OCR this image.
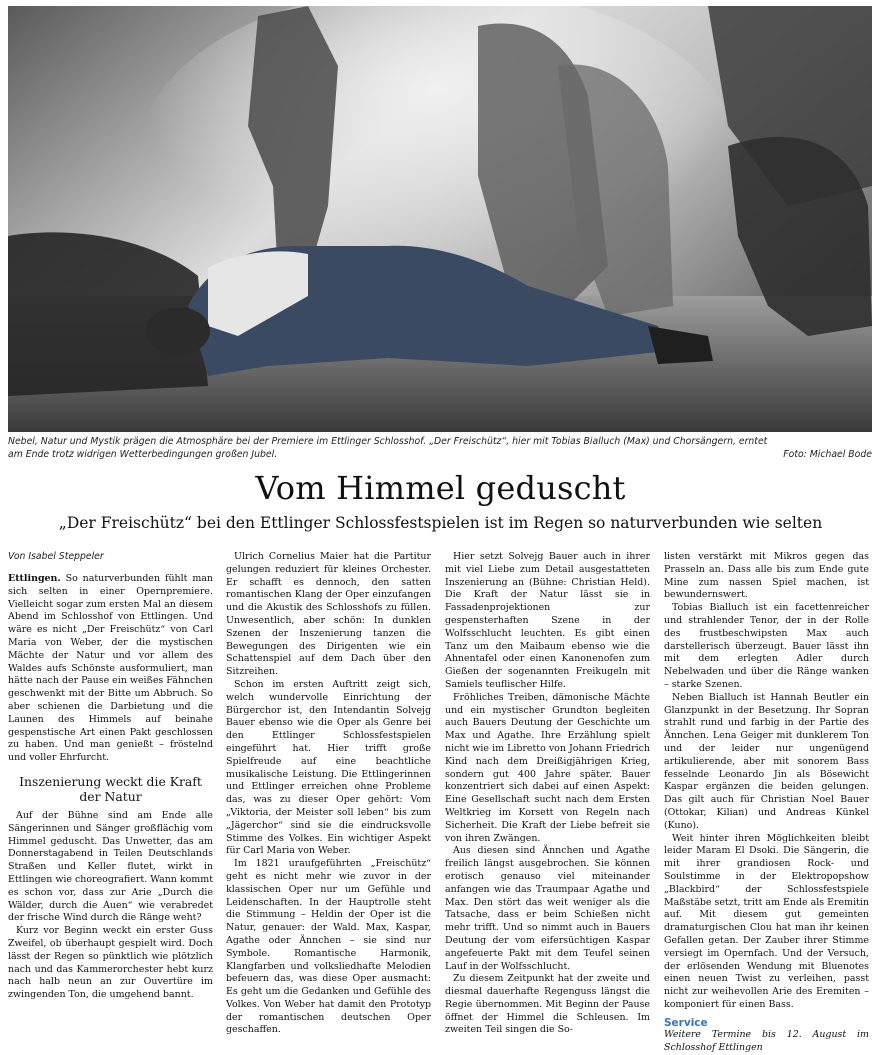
Nebel, Natur und Mystik prägen die Atmosphäre bei der Premiere im Ettlinger Schlosshof. „Der Freischütz“, hier mit Tobias Bialluch (Max) und Chorsängern, erntet am Ende trotz widrigen Wetterbedingungen großen Jubel.	Foto: Michael Bode
Vom Himmel geduscht
„Der Freischütz“ bei den Ettlinger Schlossfestspielen ist im Regen so naturverbunden wie selten
Von Isabel Steppeler

Ettlingen. So naturverbunden fühlt man sich selten in einer Opernpremiere. Vielleicht sogar zum ersten Mal an diesem Abend im Schlosshof von Ettlingen. Und wäre es nicht „Der Freischütz“ von Carl Maria von Weber, der die mystischen Mächte der Natur und vor allem des Waldes aufs Schönste ausformuliert, man hätte nach der Pause ein weißes Fähnchen geschwenkt mit der Bitte um Abbruch. So aber schienen die Darbietung und die Launen des Himmels auf beinahe gespenstische Art einen Pakt geschlossen zu haben. Und man genießt – fröstelnd und voller Ehrfurcht.

Inszenierung weckt die Kraft der Natur

Auf der Bühne sind am Ende alle Sängerinnen und Sänger großflächig vom Himmel geduscht. Das Unwetter, das am Donnerstagabend in Teilen Deutschlands Straßen und Keller flutet, wirkt in Ettlingen wie choreografiert. Wann kommt es schon vor, dass zur Arie „Durch die Wälder, durch die Auen“ wie verabredet der frische Wind durch die Ränge weht?

Kurz vor Beginn weckt ein erster Guss Zweifel, ob überhaupt gespielt wird. Doch lässt der Regen so pünktlich wie plötzlich nach und das Kammerorchester hebt kurz nach halb neun an zur Ouvertüre im zwingenden Ton, die umgehend bannt.

Ulrich Cornelius Maier hat die Partitur gelungen reduziert für kleines Orchester. Er schafft es dennoch, den satten romantischen Klang der Oper einzufangen und die Akustik des Schlosshofs zu füllen. Unwesentlich, aber schön: In dunklen Szenen der Inszenierung tanzen die Bewegungen des Dirigenten wie ein Schattenspiel auf dem Dach über den Sitzreihen.

Schon im ersten Auftritt zeigt sich, welch wundervolle Einrichtung der Bürgerchor ist, den Intendantin Solvejg Bauer ebenso wie die Oper als Genre bei den Ettlinger Schlossfestspielen eingeführt hat. Hier trifft große Spielfreude auf eine beachtliche musikalische Leistung. Die Ettlingerinnen und Ettlinger erreichen ohne Probleme das, was zu dieser Oper gehört: Vom „Viktoria, der Meister soll leben“ bis zum „Jägerchor“ sind sie die eindrucksvolle Stimme des Volkes. Ein wichtiger Aspekt für Carl Maria von Weber.

Im 1821 uraufgeführten „Freischütz“ geht es nicht mehr wie zuvor in der klassischen Oper nur um Gefühle und Leidenschaften. In der Hauptrolle steht die Stimmung – Heldin der Oper ist die Natur, genauer: der Wald. Max, Kaspar, Agathe oder Ännchen – sie sind nur Symbole. Romantische Harmonik, Klangfarben und volksliedhafte Melodien befeuern das, was diese Oper ausmacht: Es geht um die Gedanken und Gefühle des Volkes. Von Weber hat damit den Prototyp der romantischen deutschen Oper geschaffen.

Hier setzt Solvejg Bauer auch in ihrer mit viel Liebe zum Detail ausgestatteten Inszenierung an (Bühne: Christian Held). Die Kraft der Natur lässt sie in Fassadenprojektionen zur gespensterhaften Szene in der Wolfsschlucht leuchten. Es gibt einen Tanz um den Maibaum ebenso wie die Ahnentafel oder einen Kanonenofen zum Gießen der sogenannten Freikugeln mit Samiels teuflischer Hilfe.

Fröhliches Treiben, dämonische Mächte und ein mystischer Grundton begleiten auch Bauers Deutung der Geschichte um Max und Agathe. Ihre Erzählung spielt nicht wie im Libretto von Johann Friedrich Kind nach dem Dreißigjährigen Krieg, sondern gut 400 Jahre später. Bauer konzentriert sich dabei auf einen Aspekt: Eine Gesellschaft sucht nach dem Ersten Weltkrieg im Korsett von Regeln nach Sicherheit. Die Kraft der Liebe befreit sie von ihren Zwängen.

Aus diesen sind Ännchen und Agathe freilich längst ausgebrochen. Sie können erotisch genauso viel miteinander anfangen wie das Traumpaar Agathe und Max. Den stört das weit weniger als die Tatsache, dass er beim Schießen nicht mehr trifft. Und so nimmt auch in Bauers Deutung der vom eifersüchtigen Kaspar angefeuerte Pakt mit dem Teufel seinen Lauf in der Wolfsschlucht.

Zu diesem Zeitpunkt hat der zweite und diesmal dauerhafte Regenguss längst die Regie übernommen. Mit Beginn der Pause öffnet der Himmel die Schleusen. Im zweiten Teil singen die So-

listen verstärkt mit Mikros gegen das Prasseln an. Dass alle bis zum Ende gute Mine zum nassen Spiel machen, ist bewundernswert.

Tobias Bialluch ist ein facettenreicher und strahlender Tenor, der in der Rolle des frustbeschwipsten Max auch darstellerisch überzeugt. Bauer lässt ihn mit dem erlegten Adler durch Nebelwaden und über die Ränge wanken – starke Szenen.

Neben Bialluch ist Hannah Beutler ein Glanzpunkt in der Besetzung. Ihr Sopran strahlt rund und farbig in der Partie des Ännchen. Lena Geiger mit dunklerem Ton und der leider nur ungenügend artikulierende, aber mit sonorem Bass fesselnde Leonardo Jin als Bösewicht Kaspar ergänzen die beiden gelungen. Das gilt auch für Christian Noel Bauer (Ottokar, Kilian) und Andreas Künkel (Kuno).

Weit hinter ihren Möglichkeiten bleibt leider Maram El Dsoki. Die Sängerin, die mit ihrer grandiosen Rock- und Soulstimme in der Elektropopshow „Blackbird“ der Schlossfestspiele Maßstäbe setzt, tritt am Ende als Eremitin auf. Mit diesem gut gemeinten dramaturgischen Clou hat man ihr keinen Gefallen getan. Der Zauber ihrer Stimme versiegt im Opernfach. Und der Versuch, der erlösenden Wendung mit Bluenotes einen neuen Twist zu verleihen, passt nicht zur weihevollen Arie des Eremiten – komponiert für einen Bass.

Service

Weitere Termine bis 12. August im Schlosshof Ettlingen
